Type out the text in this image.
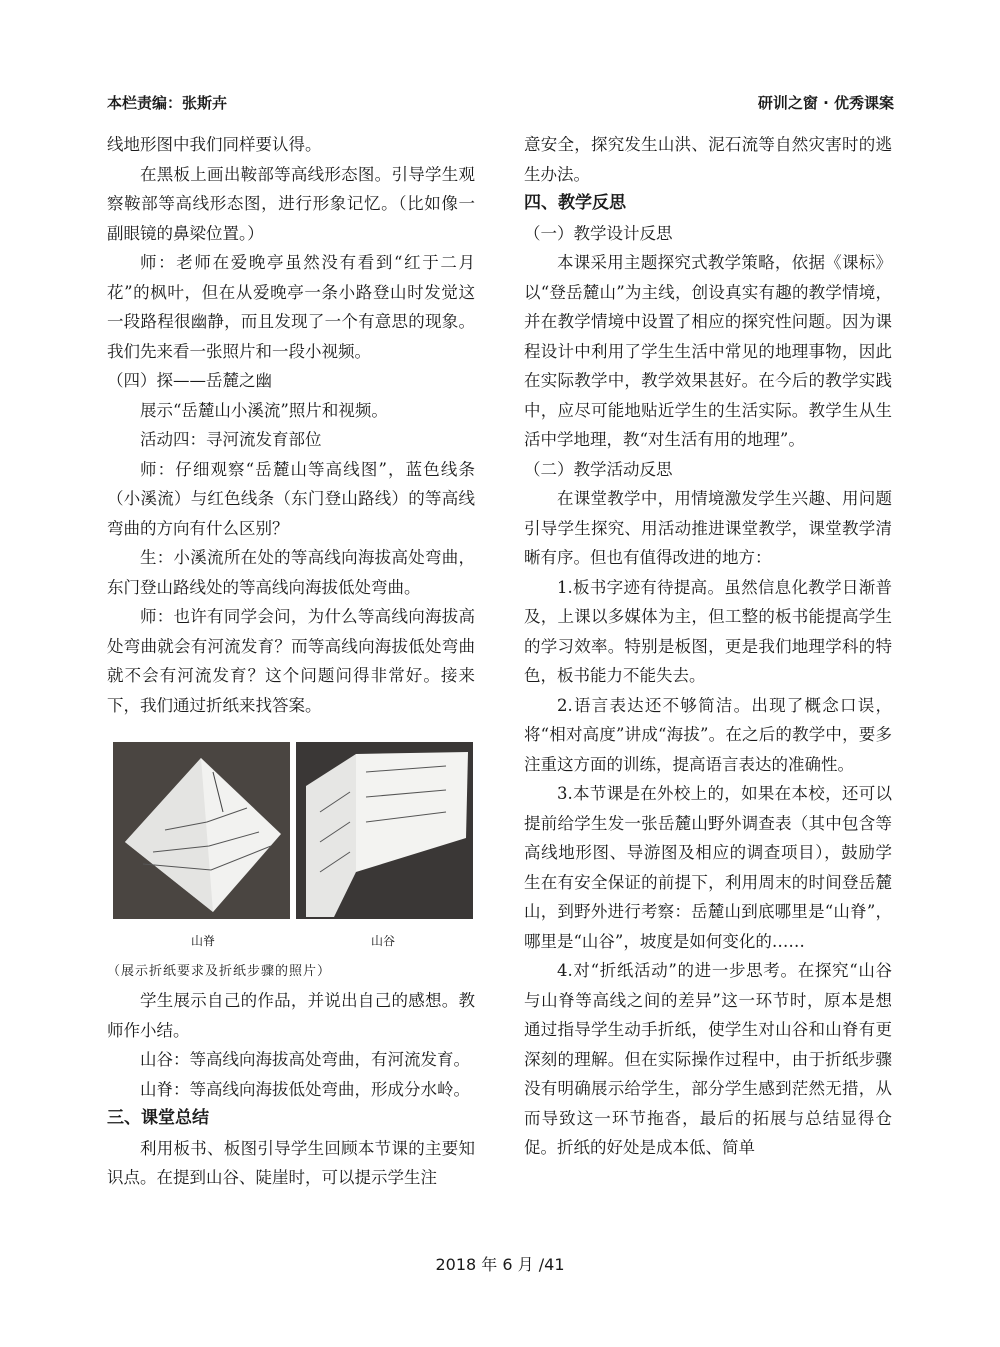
本栏责编：张斯卉	研训之窗 · 优秀课案

线地形图中我们同样要认得。

在黑板上画出鞍部等高线形态图。引导学生观察鞍部等高线形态图，进行形象记忆。（比如像一副眼镜的鼻梁位置。）

师：老师在爱晚亭虽然没有看到“红于二月花”的枫叶，但在从爱晚亭一条小路登山时发觉这一段路程很幽静，而且发现了一个有意思的现象。我们先来看一张照片和一段小视频。

（四）探——岳麓之幽

展示“岳麓山小溪流”照片和视频。

活动四：寻河流发育部位

师：仔细观察“岳麓山等高线图”，蓝色线条（小溪流）与红色线条（东门登山路线）的等高线弯曲的方向有什么区别？

生：小溪流所在处的等高线向海拔高处弯曲，东门登山路线处的等高线向海拔低处弯曲。

师：也许有同学会问，为什么等高线向海拔高处弯曲就会有河流发育？而等高线向海拔低处弯曲就不会有河流发育？这个问题问得非常好。接来下，我们通过折纸来找答案。

山脊	山谷

（展示折纸要求及折纸步骤的照片）

学生展示自己的作品，并说出自己的感想。教师作小结。

山谷：等高线向海拔高处弯曲，有河流发育。

山脊：等高线向海拔低处弯曲，形成分水岭。

三、课堂总结

利用板书、板图引导学生回顾本节课的主要知识点。在提到山谷、陡崖时，可以提示学生注

意安全，探究发生山洪、泥石流等自然灾害时的逃生办法。

四、教学反思

（一）教学设计反思

本课采用主题探究式教学策略，依据《课标》以“登岳麓山”为主线，创设真实有趣的教学情境，并在教学情境中设置了相应的探究性问题。因为课程设计中利用了学生生活中常见的地理事物，因此在实际教学中，教学效果甚好。在今后的教学实践中，应尽可能地贴近学生的生活实际。教学生从生活中学地理，教“对生活有用的地理”。

（二）教学活动反思

在课堂教学中，用情境激发学生兴趣、用问题引导学生探究、用活动推进课堂教学，课堂教学清晰有序。但也有值得改进的地方：

1.板书字迹有待提高。虽然信息化教学日渐普及，上课以多媒体为主，但工整的板书能提高学生的学习效率。特别是板图，更是我们地理学科的特色，板书能力不能失去。

2.语言表达还不够简洁。出现了概念口误，将“相对高度”讲成“海拔”。在之后的教学中，要多注重这方面的训练，提高语言表达的准确性。

3.本节课是在外校上的，如果在本校，还可以提前给学生发一张岳麓山野外调查表（其中包含等高线地形图、导游图及相应的调查项目），鼓励学生在有安全保证的前提下，利用周末的时间登岳麓山，到野外进行考察：岳麓山到底哪里是“山脊”，哪里是“山谷”，坡度是如何变化的……

4.对“折纸活动”的进一步思考。在探究“山谷与山脊等高线之间的差异”这一环节时，原本是想通过指导学生动手折纸，使学生对山谷和山脊有更深刻的理解。但在实际操作过程中，由于折纸步骤没有明确展示给学生，部分学生感到茫然无措，从而导致这一环节拖沓，最后的拓展与总结显得仓促。折纸的好处是成本低、简单

2018 年 6 月 /41
